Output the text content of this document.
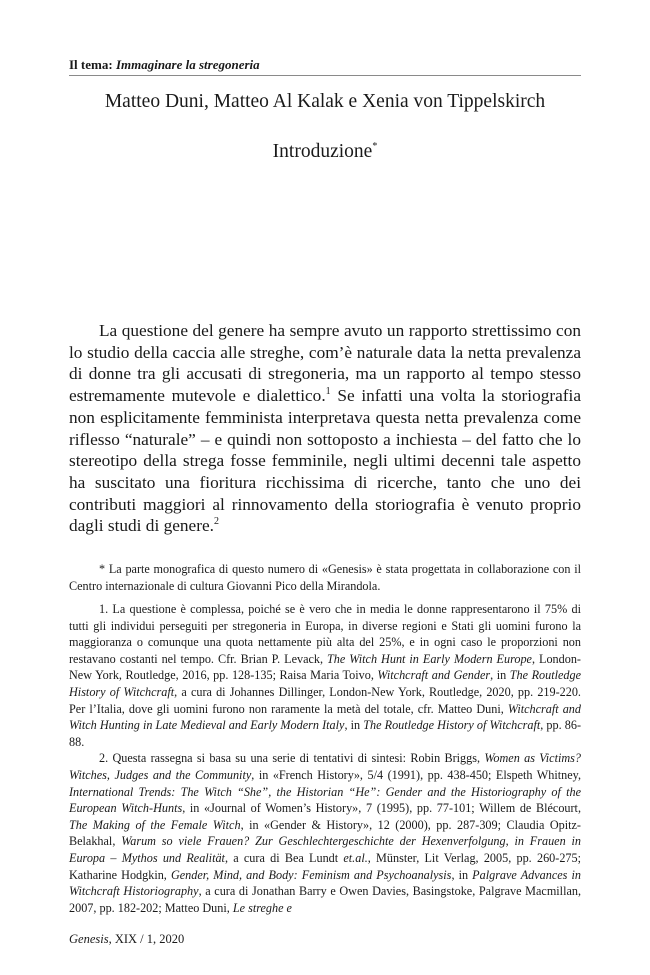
Il tema: Immaginare la stregoneria
Matteo Duni, Matteo Al Kalak e Xenia von Tippelskirch
Introduzione*

La questione del genere ha sempre avuto un rapporto strettissimo con lo studio della caccia alle streghe, com’è naturale data la netta prevalenza di donne tra gli accusati di stregoneria, ma un rapporto al tempo stesso estremamente mutevole e dialettico.$^1$ Se infatti una volta la storiografia non esplicitamente femminista interpretava questa netta prevalenza come riflesso “naturale” – e quindi non sottoposto a inchiesta – del fatto che lo stereotipo della strega fosse femminile, negli ultimi decenni tale aspetto ha suscitato una fioritura ricchissima di ricerche, tanto che uno dei contributi maggiori al rinnovamento della storiografia è venuto proprio dagli studi di genere.$^2$

* La parte monografica di questo numero di «Genesis» è stata progettata in collaborazione con il Centro internazionale di cultura Giovanni Pico della Mirandola.

1. La questione è complessa, poiché se è vero che in media le donne rappresentarono il 75% di tutti gli individui perseguiti per stregoneria in Europa, in diverse regioni e Stati gli uomini furono la maggioranza o comunque una quota nettamente più alta del 25%, e in ogni caso le proporzioni non restavano costanti nel tempo. Cfr. Brian P. Levack, The Witch Hunt in Early Modern Europe, London-New York, Routledge, 2016, pp. 128-135; Raisa Maria Toivo, Witchcraft and Gender, in The Routledge History of Witchcraft, a cura di Johannes Dillinger, London-New York, Routledge, 2020, pp. 219-220. Per l’Italia, dove gli uomini furono non raramente la metà del totale, cfr. Matteo Duni, Witchcraft and Witch Hunting in Late Medieval and Early Modern Italy, in The Routledge History of Witchcraft, pp. 86-88.

2. Questa rassegna si basa su una serie di tentativi di sintesi: Robin Briggs, Women as Victims? Witches, Judges and the Community, in «French History», 5/4 (1991), pp. 438-450; Elspeth Whitney, International Trends: The Witch “She”, the Historian “He”: Gender and the Historiography of the European Witch-Hunts, in «Journal of Women’s History», 7 (1995), pp. 77-101; Willem de Blécourt, The Making of the Female Witch, in «Gender & History», 12 (2000), pp. 287-309; Claudia Opitz-Belakhal, Warum so viele Frauen? Zur Geschlechtergeschichte der Hexenverfolgung, in Frauen in Europa – Mythos und Realität, a cura di Bea Lundt et.al., Münster, Lit Verlag, 2005, pp. 260-275; Katharine Hodgkin, Gender, Mind, and Body: Feminism and Psychoanalysis, in Palgrave Advances in Witchcraft Historiography, a cura di Jonathan Barry e Owen Davies, Basingstoke, Palgrave Macmillan, 2007, pp. 182-202; Matteo Duni, Le streghe e

Genesis, XIX / 1, 2020
